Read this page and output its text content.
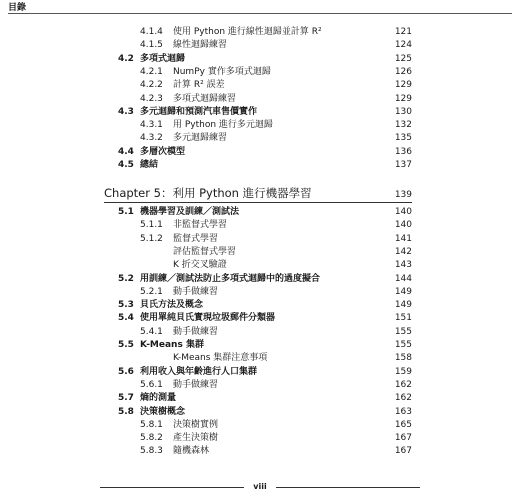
目錄
4.1.4 使用 Python 進行線性迴歸並計算 R²	121
4.1.5 線性迴歸練習	124
4.2 多項式迴歸	125
4.2.1 NumPy 實作多項式迴歸	126
4.2.2 計算 R² 誤差	129
4.2.3 多項式迴歸練習	129
4.3 多元迴歸和預測汽車售價實作	130
4.3.1 用 Python 進行多元迴歸	132
4.3.2 多元迴歸練習	135
4.4 多層次模型	136
4.5 總結	137
Chapter 5：利用 Python 進行機器學習	139
5.1 機器學習及訓練／測試法	140
5.1.1 非監督式學習	140
5.1.2 監督式學習	141
評估監督式學習	142
K 折交叉驗證	143
5.2 用訓練／測試法防止多項式迴歸中的過度擬合	144
5.2.1 動手做練習	149
5.3 貝氏方法及概念	149
5.4 使用單純貝氏實現垃圾郵件分類器	151
5.4.1 動手做練習	155
5.5 K-Means 集群	155
K-Means 集群注意事項	158
5.6 利用收入與年齡進行人口集群	159
5.6.1 動手做練習	162
5.7 熵的測量	162
5.8 決策樹概念	163
5.8.1 決策樹實例	165
5.8.2 產生決策樹	167
5.8.3 隨機森林	167
viii
